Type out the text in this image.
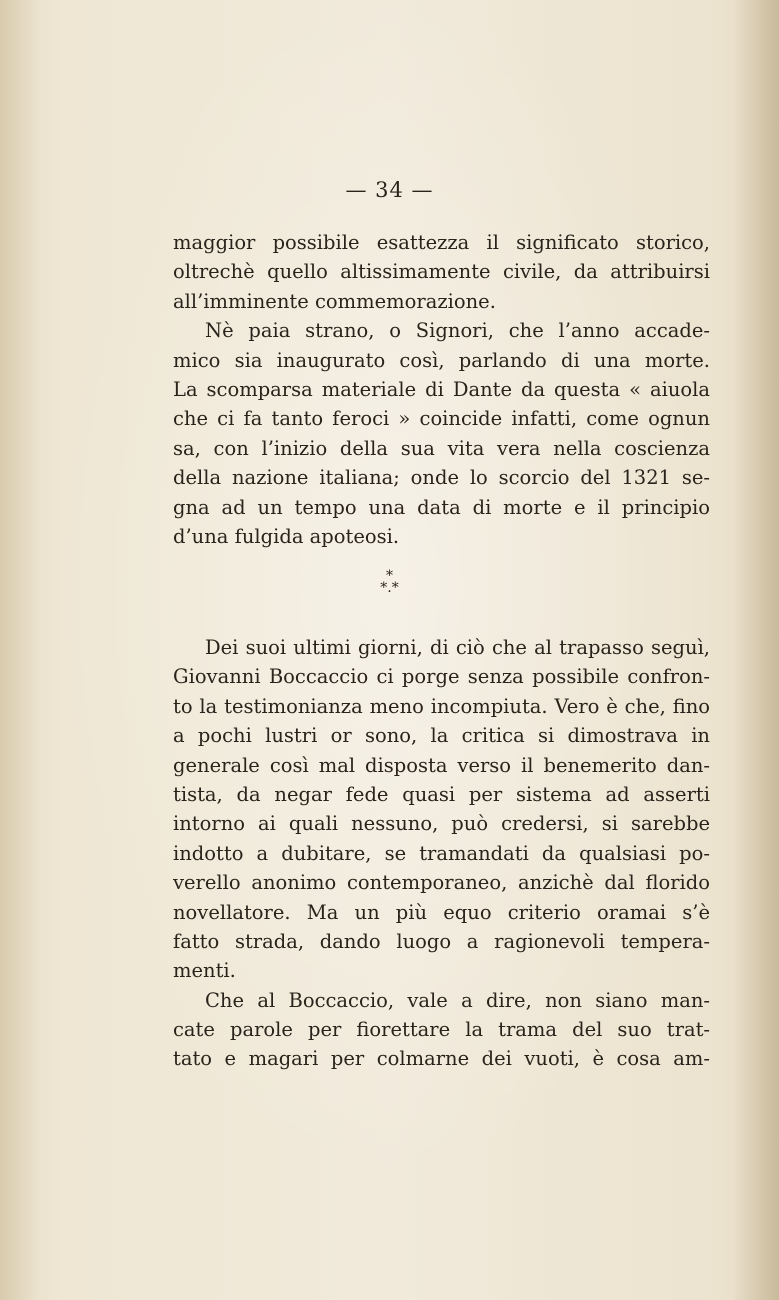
— 34 —
maggior possibile esattezza il significato storico,
oltrechè quello altissimamente civile, da attribuirsi
all’imminente commemorazione.
Nè paia strano, o Signori, che l’anno accade-
mico sia inaugurato così, parlando di una morte.
La scomparsa materiale di Dante da questa « aiuola
che ci fa tanto feroci » coincide infatti, come ognun
sa, con l’inizio della sua vita vera nella coscienza
della nazione italiana; onde lo scorcio del 1321 se-
gna ad un tempo una data di morte e il principio
d’una fulgida apoteosi.
*
*.*
Dei suoi ultimi giorni, di ciò che al trapasso seguì,
Giovanni Boccaccio ci porge senza possibile confron-
to la testimonianza meno incompiuta. Vero è che, fino
a pochi lustri or sono, la critica si dimostrava in
generale così mal disposta verso il benemerito dan-
tista, da negar fede quasi per sistema ad asserti
intorno ai quali nessuno, può credersi, si sarebbe
indotto a dubitare, se tramandati da qualsiasi po-
verello anonimo contemporaneo, anzichè dal florido
novellatore. Ma un più equo criterio oramai s’è
fatto strada, dando luogo a ragionevoli tempera-
menti.
Che al Boccaccio, vale a dire, non siano man-
cate parole per fiorettare la trama del suo trat-
tato e magari per colmarne dei vuoti, è cosa am-
